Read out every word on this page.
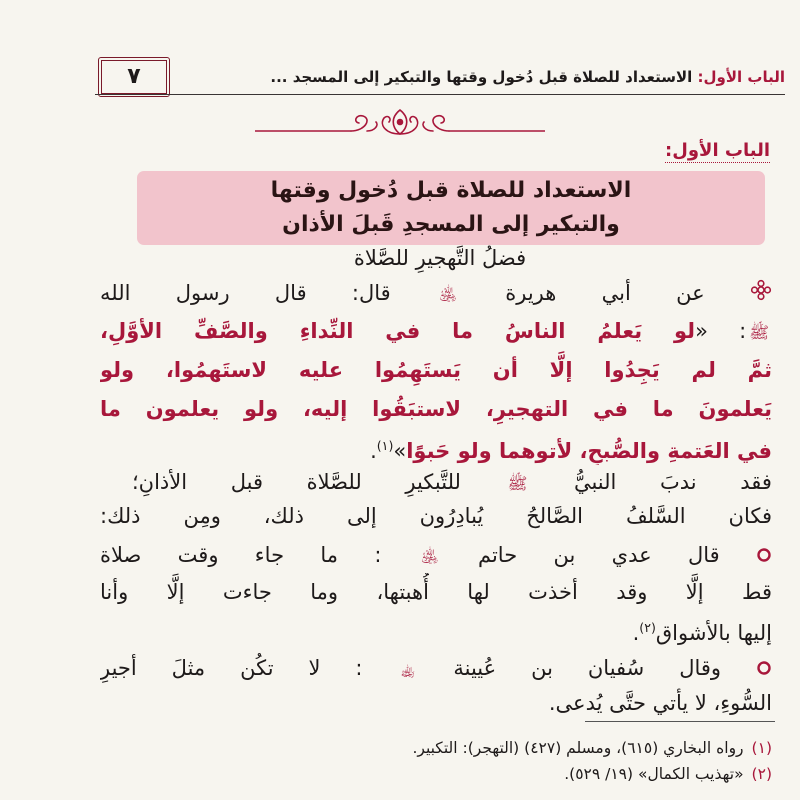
٧	الباب الأول: الاستعداد للصلاة قبل دُخول وقتها والتبكير إلى المسجد ...
الباب الأول:
الاستعداد للصلاة قبل دُخول وقتها
والتبكير إلى المسجدِ قَبلَ الأذان
فضلُ التَّهجيرِ للصَّلاة
عن أبي هريرة ﵁ قال: قال رسول الله
ﷺ: «لو يَعلمُ الناسُ ما في النِّداءِ والصَّفِّ الأوَّلِ،
ثمَّ لم يَجِدُوا إلَّا أن يَستَهِمُوا عليه لاستَهمُوا، ولو
يَعلمونَ ما في التهجيرِ، لاستبَقُوا إليه، ولو يعلمون ما
في العَتمةِ والصُّبحِ، لأتوهما ولو حَبوًا»$^{(١)}$.
فقد ندبَ النبيُّ ﷺ للتَّبكيرِ للصَّلاة قبل الأذانِ؛
فكان السَّلفُ الصَّالحُ يُبادِرُون إلى ذلك، ومِن ذلك:
قال عدي بن حاتم ﵁ : ما جاء وقت صلاة
قط إلَّا وقد أخذت لها أُهبتها، وما جاءت إلَّا وأنا
إليها بالأشواق$^{(٢)}$.
وقال سُفيان بن عُيينة ﵀ : لا تكُن مثلَ أجيرِ
السُّوءِ، لا يأتي حتَّى يُدعى.
(١)رواه البخاري (٦١٥)، ومسلم (٤٢٧) (التهجر): التكبير.
(٢)«تهذيب الكمال» (١٩/ ٥٢٩).
